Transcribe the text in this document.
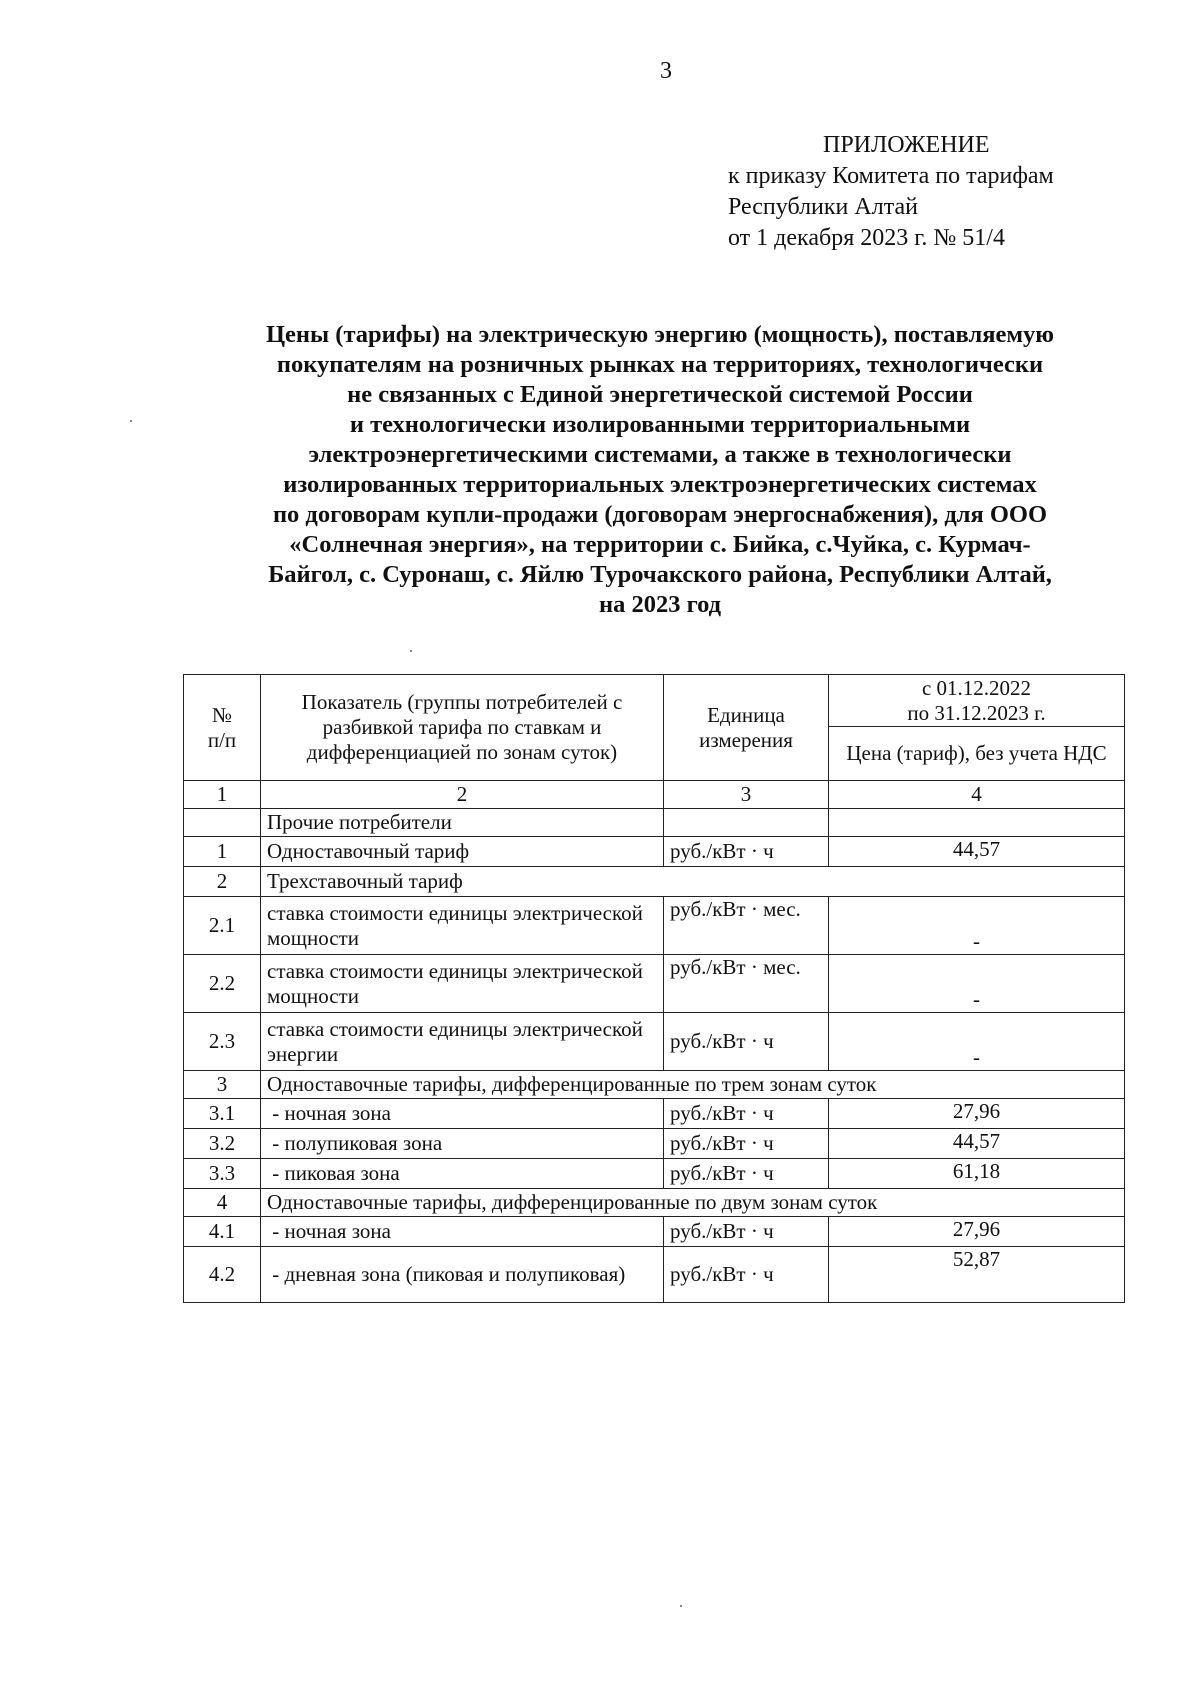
3
ПРИЛОЖЕНИЕ
к приказу Комитета по тарифам
Республики Алтай
от 1 декабря 2023 г. № 51/4
Цены (тарифы) на электрическую энергию (мощность), поставляемую
покупателям на розничных рынках на территориях, технологически
не связанных с Единой энергетической системой России
и технологически изолированными территориальными
электроэнергетическими системами, а также в технологически
изолированных территориальных электроэнергетических системах
по договорам купли-продажи (договорам энергоснабжения), для ООО
«Солнечная энергия», на территории с. Бийка, с.Чуйка, с. Курмач-
Байгол, с. Суронаш, с. Яйлю Турочакского района, Республики Алтай,
на 2023 год
№
п/п	Показатель (группы потребителей с разбивкой тарифа по ставкам и дифференциацией по зонам суток)	Единица измерения	с 01.12.2022
по 31.12.2023 г.
			Цена (тариф), без учета НДС
1	2	3	4
	Прочие потребители		
1	Одноставочный тариф	руб./кВт · ч	44,57
2	Трехставочный тариф		
2.1	ставка стоимости единицы электрической мощности	руб./кВт · мес.	-
2.2	ставка стоимости единицы электрической мощности	руб./кВт · мес.	-
2.3	ставка стоимости единицы электрической энергии	руб./кВт · ч	-
3	Одноставочные тарифы, дифференцированные по трем зонам суток		
3.1	- ночная зона	руб./кВт · ч	27,96
3.2	- полупиковая зона	руб./кВт · ч	44,57
3.3	- пиковая зона	руб./кВт · ч	61,18
4	Одноставочные тарифы, дифференцированные по двум зонам суток		
4.1	- ночная зона	руб./кВт · ч	27,96
4.2	- дневная зона (пиковая и полупиковая)	руб./кВт · ч	52,87
